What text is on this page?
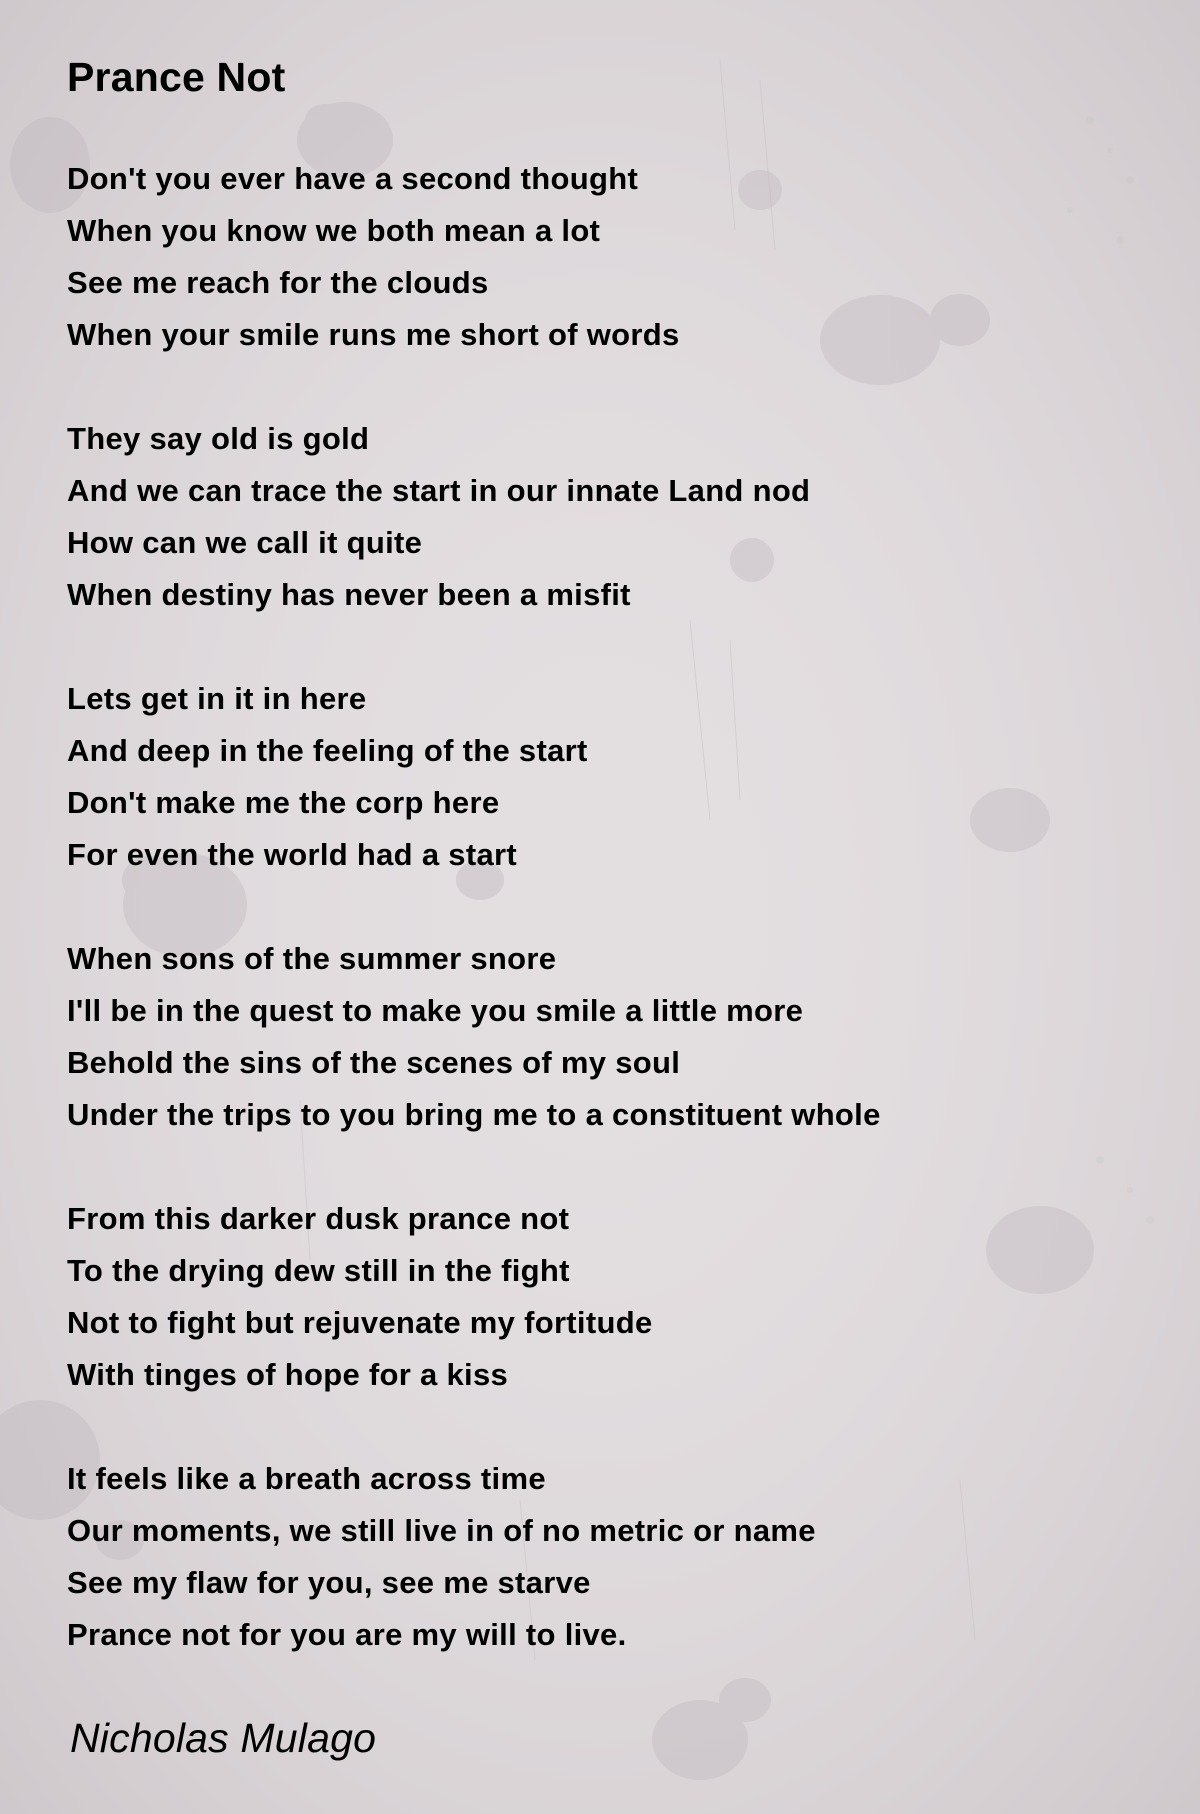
Prance Not
Don't you ever have a second thought
When you know we both mean a lot
See me reach for the clouds
When your smile runs me short of words
They say old is gold
And we can trace the start in our innate Land nod
How can we call it quite
When destiny has never been a misfit
Lets get in it in here
And deep in the feeling of the start
Don't make me the corp here
For even the world had a start
When sons of the summer snore
I'll be in the quest to make you smile a little more
Behold the sins of the scenes of my soul
Under the trips to you bring me to a constituent whole
From this darker dusk prance not
To the drying dew still in the fight
Not to fight but rejuvenate my fortitude
With tinges of hope for a kiss
It feels like a breath across time
Our moments, we still live in of no metric or name
See my flaw for you, see me starve
Prance not for you are my will to live.
Nicholas Mulago
